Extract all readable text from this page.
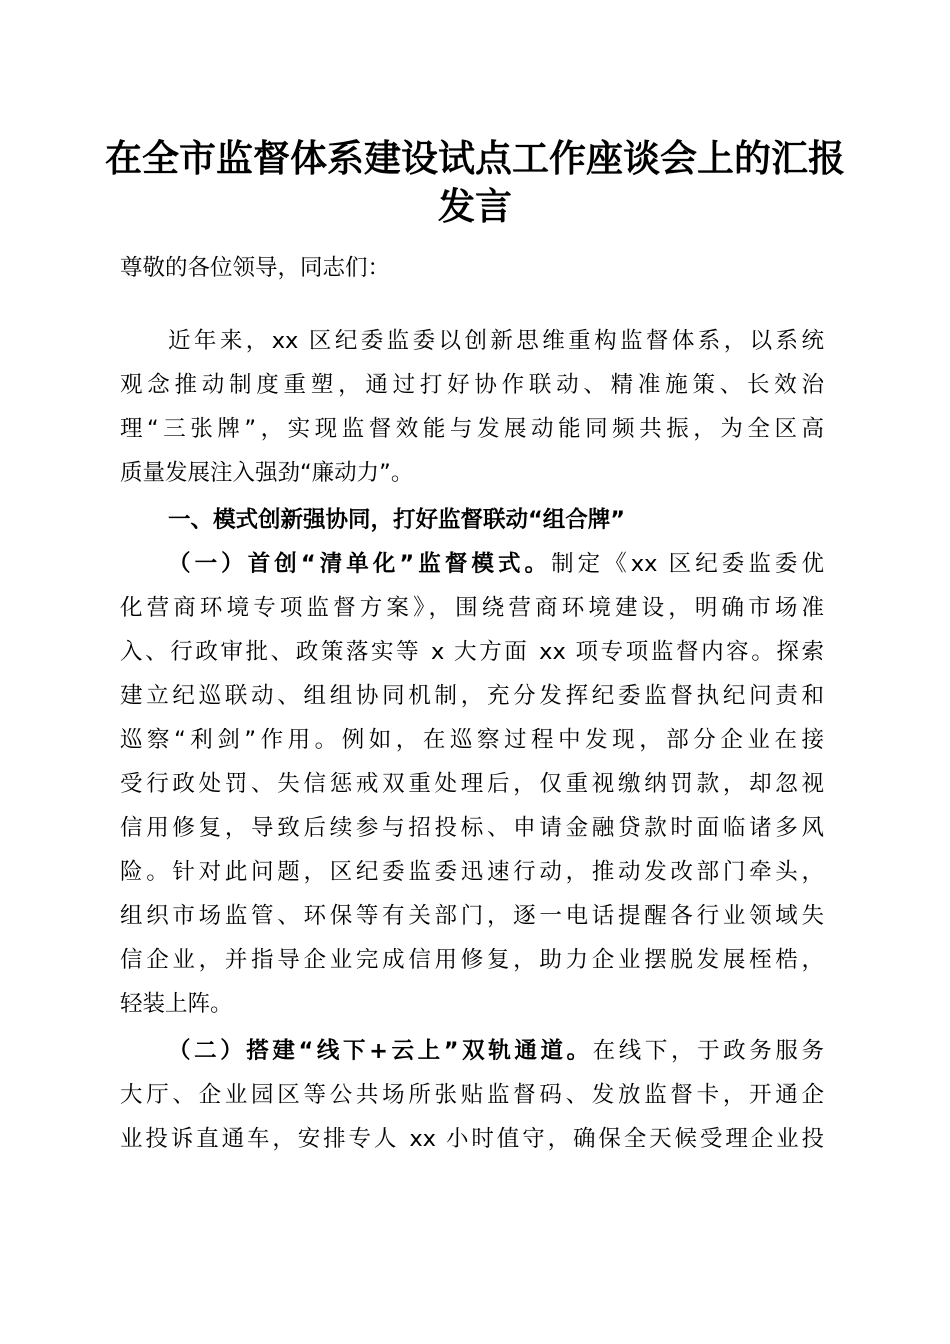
在全市监督体系建设试点工作座谈会上的汇报
发言
尊敬的各位领导，同志们：
近年来，xx 区纪委监委以创新思维重构监督体系，以系统
观念推动制度重塑，通过打好协作联动、精准施策、长效治
理“三张牌”，实现监督效能与发展动能同频共振，为全区高
质量发展注入强劲“廉动力”。
一、模式创新强协同，打好监督联动“组合牌”
（一）首创“清单化”监督模式。制定《xx 区纪委监委优
化营商环境专项监督方案》，围绕营商环境建设，明确市场准
入、行政审批、政策落实等 x 大方面 xx 项专项监督内容。探索
建立纪巡联动、组组协同机制，充分发挥纪委监督执纪问责和
巡察“利剑”作用。例如，在巡察过程中发现，部分企业在接
受行政处罚、失信惩戒双重处理后，仅重视缴纳罚款，却忽视
信用修复，导致后续参与招投标、申请金融贷款时面临诸多风
险。针对此问题，区纪委监委迅速行动，推动发改部门牵头，
组织市场监管、环保等有关部门，逐一电话提醒各行业领域失
信企业，并指导企业完成信用修复，助力企业摆脱发展桎梏，
轻装上阵。
（二）搭建“线下+云上”双轨通道。在线下，于政务服务
大厅、企业园区等公共场所张贴监督码、发放监督卡，开通企
业投诉直通车，安排专人 xx 小时值守，确保全天候受理企业投
